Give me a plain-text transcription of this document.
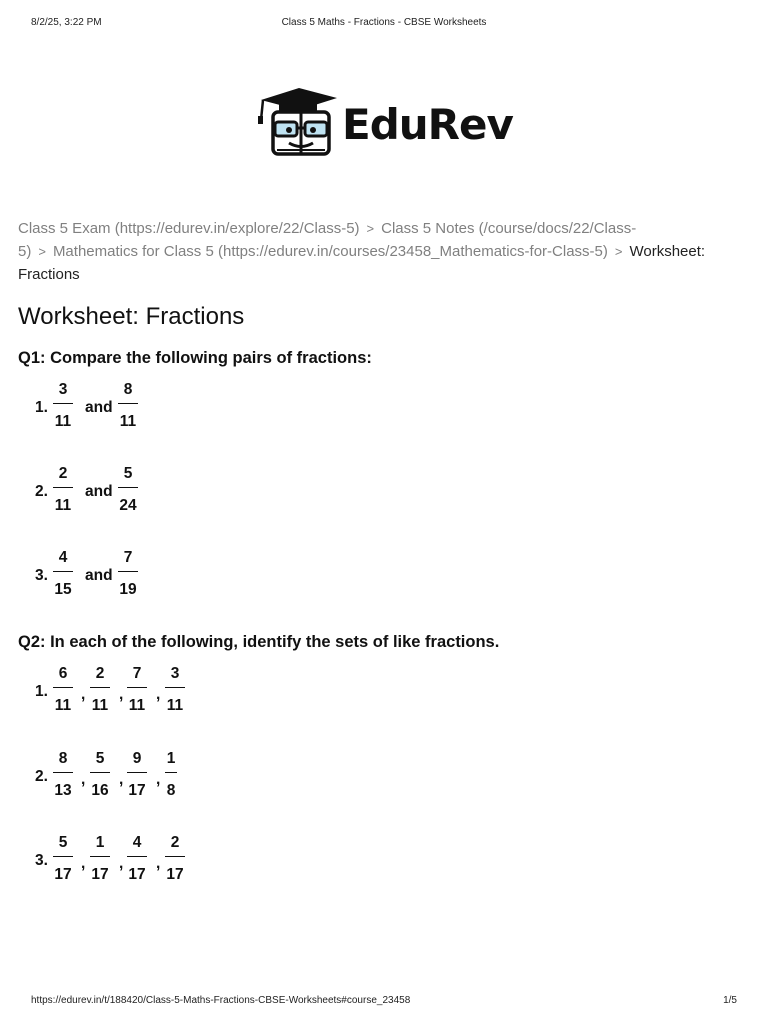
8/2/25, 3:22 PM	Class 5 Maths - Fractions - CBSE Worksheets
EduRev
Class 5 Exam (https://edurev.in/explore/22/Class-5) > Class 5 Notes (/course/docs/22/Class-
5) > Mathematics for Class 5 (https://edurev.in/courses/23458_Mathematics-for-Class-5) > Worksheet:
Fractions
Worksheet: Fractions
Q1: Compare the following pairs of fractions:
1.
3
11
and
8
11
2.
2
11
and
5
24
3.
4
15
and
7
19
Q2: In each of the following, identify the sets of like fractions.
1.
6
11
,
2
11
,
7
11
,
3
11
2.
8
13
,
5
16
,
9
17
,
1
8
3.
5
17
,
1
17
,
4
17
,
2
17
https://edurev.in/t/188420/Class-5-Maths-Fractions-CBSE-Worksheets#course_23458	1/5
